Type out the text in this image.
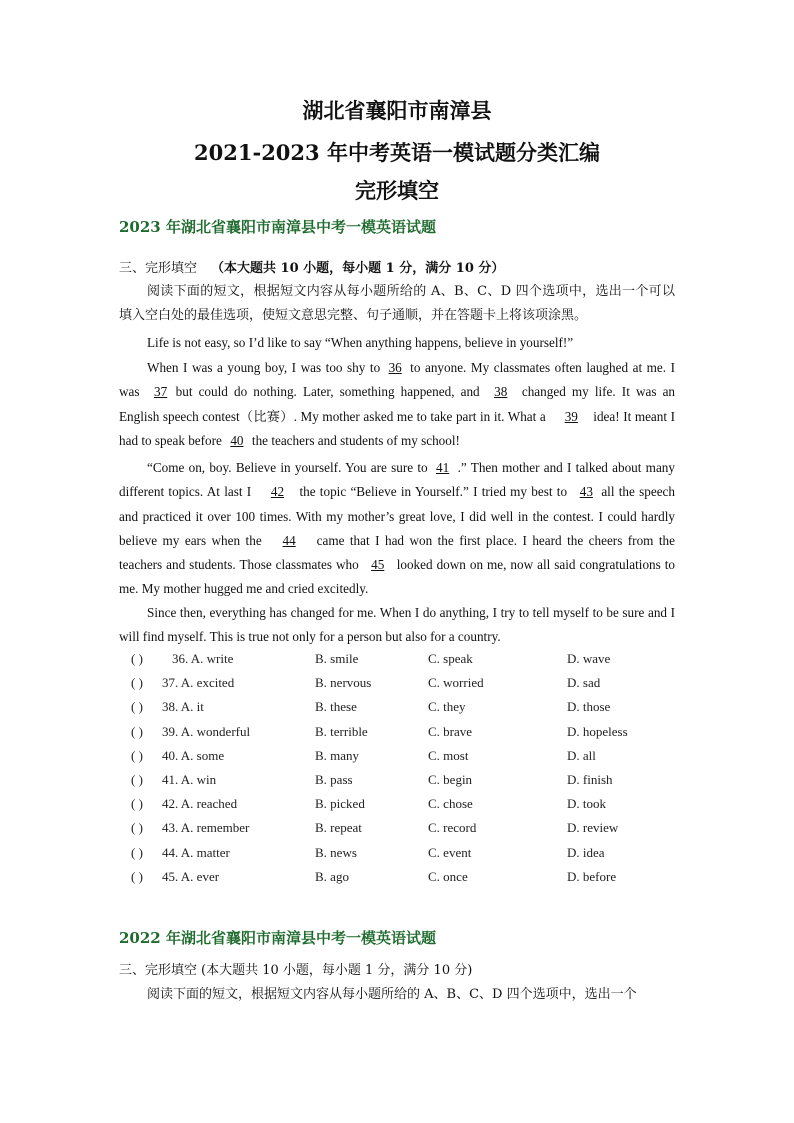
湖北省襄阳市南漳县
2021-2023 年中考英语一模试题分类汇编
完形填空
2023 年湖北省襄阳市南漳县中考一模英语试题
三、完形填空 （本大题共 10 小题，每小题 1 分，满分 10 分）
阅读下面的短文，根据短文内容从每小题所给的 A、B、C、D 四个选项中，选出一个可以填入空白处的最佳选项，使短文意思完整、句子通顺，并在答题卡上将该项涂黑。
Life is not easy, so I’d like to say “When anything happens, believe in yourself!”
When I was a young boy, I was too shy to 36 to anyone. My classmates often laughed at me. I was 37 but could do nothing. Later, something happened, and 38 changed my life. It was an English speech contest（比赛）. My mother asked me to take part in it. What a 39 idea! It meant I had to speak before 40 the teachers and students of my school!
“Come on, boy. Believe in yourself. You are sure to 41 .” Then mother and I talked about many different topics. At last I 42 the topic “Believe in Yourself.” I tried my best to 43 all the speech and practiced it over 100 times. With my mother’s great love, I did well in the contest. I could hardly believe my ears when the 44 came that I had won the first place. I heard the cheers from the teachers and students. Those classmates who 45 looked down on me, now all said congratulations to me. My mother hugged me and cried excitedly.
Since then, everything has changed for me. When I do anything, I try to tell myself to be sure and I will find myself. This is true not only for a person but also for a country.
( ) 36. A. write	B. smile	C. speak	D. wave
( ) 37. A. excited	B. nervous	C. worried	D. sad
( ) 38. A. it	B. these	C. they	D. those
( ) 39. A. wonderful	B. terrible	C. brave	D. hopeless
( ) 40. A. some	B. many	C. most	D. all
( ) 41. A. win	B. pass	C. begin	D. finish
( ) 42. A. reached	B. picked	C. chose	D. took
( ) 43. A. remember	B. repeat	C. record	D. review
( ) 44. A. matter	B. news	C. event	D. idea
( ) 45. A. ever	B. ago	C. once	D. before
2022 年湖北省襄阳市南漳县中考一模英语试题
三、完形填空 (本大题共 10 小题，每小题 1 分，满分 10 分)
阅读下面的短文，根据短文内容从每小题所给的 A、B、C、D 四个选项中，选出一个
